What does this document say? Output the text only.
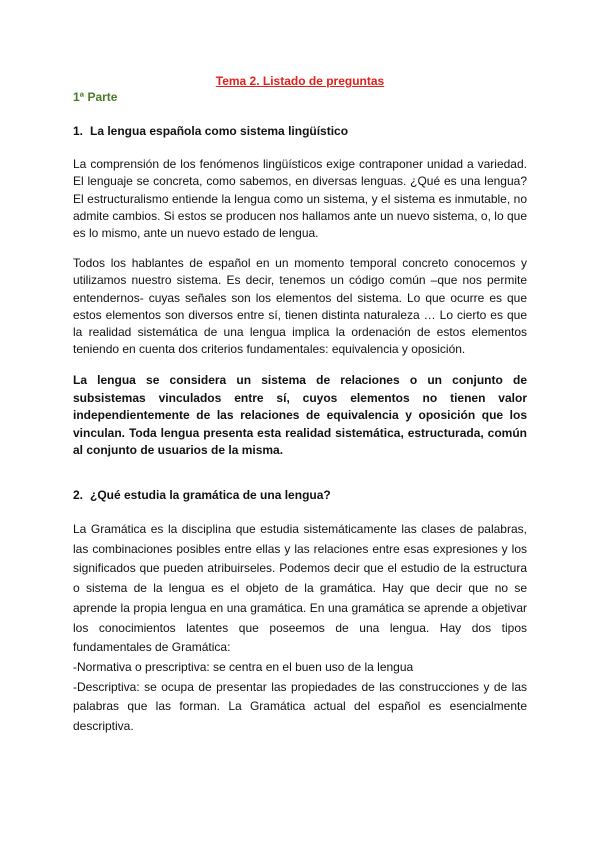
Tema 2. Listado de preguntas
1ª Parte
1. La lengua española como sistema lingüístico

La comprensión de los fenómenos lingüísticos exige contraponer unidad a variedad. El lenguaje se concreta, como sabemos, en diversas lenguas. ¿Qué es una lengua? El estructuralismo entiende la lengua como un sistema, y el sistema es inmutable, no admite cambios. Si estos se producen nos hallamos ante un nuevo sistema, o, lo que es lo mismo, ante un nuevo estado de lengua.

Todos los hablantes de español en un momento temporal concreto conocemos y utilizamos nuestro sistema. Es decir, tenemos un código común –que nos permite entendernos- cuyas señales son los elementos del sistema. Lo que ocurre es que estos elementos son diversos entre sí, tienen distinta naturaleza … Lo cierto es que la realidad sistemática de una lengua implica la ordenación de estos elementos teniendo en cuenta dos criterios fundamentales: equivalencia y oposición.

La lengua se considera un sistema de relaciones o un conjunto de subsistemas vinculados entre sí, cuyos elementos no tienen valor independientemente de las relaciones de equivalencia y oposición que los vinculan. Toda lengua presenta esta realidad sistemática, estructurada, común al conjunto de usuarios de la misma.

2. ¿Qué estudia la gramática de una lengua?

La Gramática es la disciplina que estudia sistemáticamente las clases de palabras, las combinaciones posibles entre ellas y las relaciones entre esas expresiones y los significados que pueden atribuirseles. Podemos decir que el estudio de la estructura o sistema de la lengua es el objeto de la gramática. Hay que decir que no se aprende la propia lengua en una gramática. En una gramática se aprende a objetivar los conocimientos latentes que poseemos de una lengua. Hay dos tipos fundamentales de Gramática:

-Normativa o prescriptiva: se centra en el buen uso de la lengua

-Descriptiva: se ocupa de presentar las propiedades de las construcciones y de las palabras que las forman. La Gramática actual del español es esencialmente descriptiva.
